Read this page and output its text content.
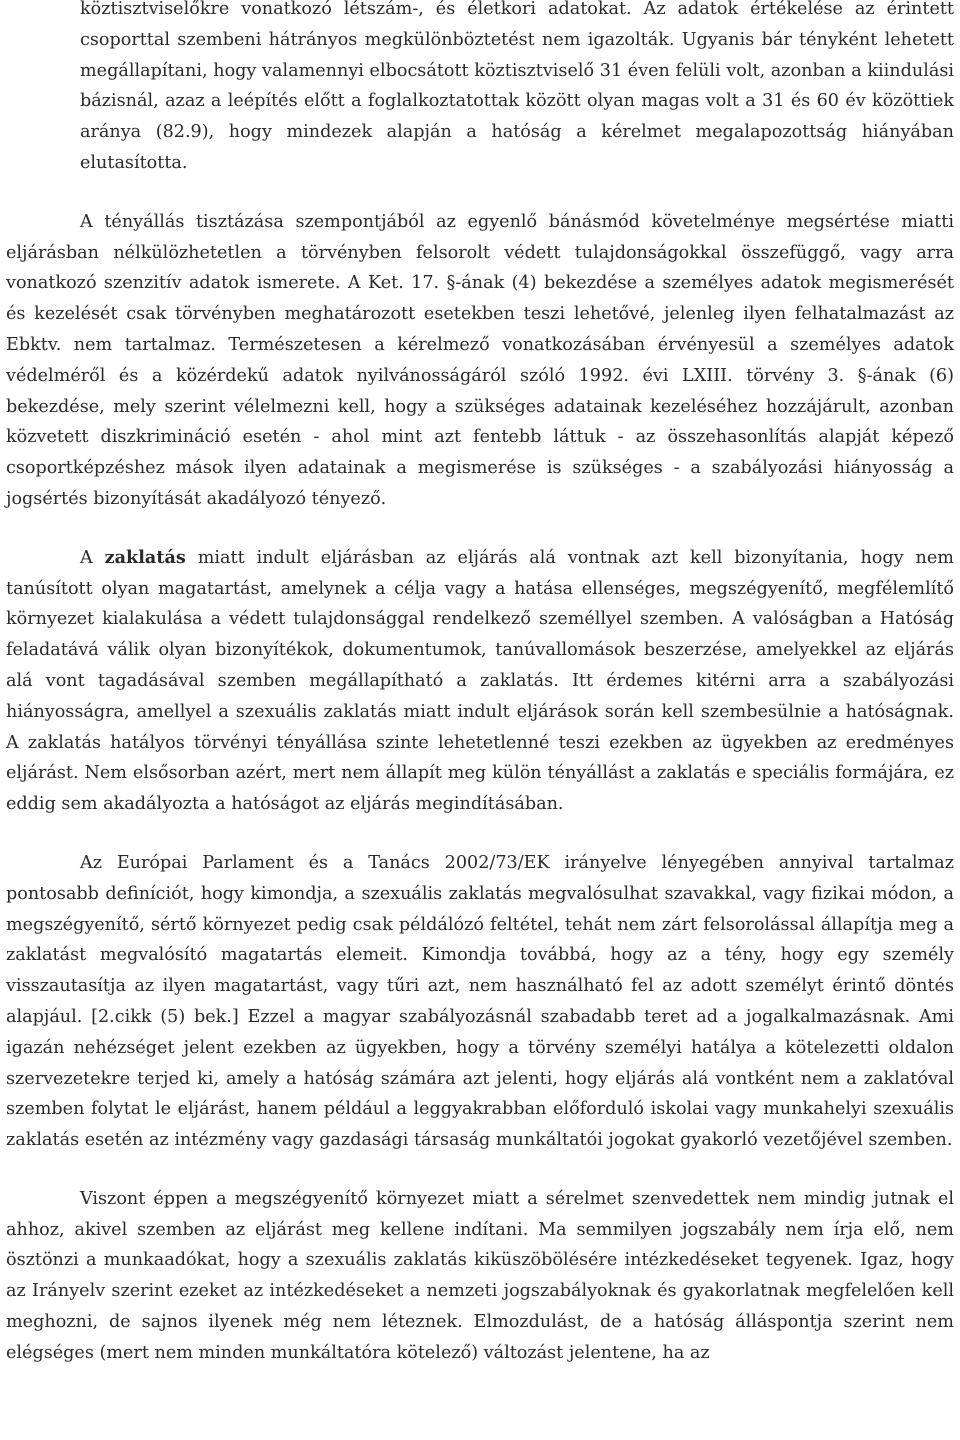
köztisztviselőkre vonatkozó létszám-, és életkori adatokat. Az adatok értékelése az érintett csoporttal szembeni hátrányos megkülönböztetést nem igazolták. Ugyanis bár tényként lehetett megállapítani, hogy valamennyi elbocsátott köztisztviselő 31 éven felüli volt, azonban a kiindulási bázisnál, azaz a leépítés előtt a foglalkoztatottak között olyan magas volt a 31 és 60 év közöttiek aránya (82.9), hogy mindezek alapján a hatóság a kérelmet megalapozottság hiányában elutasította.

A tényállás tisztázása szempontjából az egyenlő bánásmód követelménye megsértése miatti eljárásban nélkülözhetetlen a törvényben felsorolt védett tulajdonságokkal összefüggő, vagy arra vonatkozó szenzitív adatok ismerete. A Ket. 17. §-ának (4) bekezdése a személyes adatok megismerését és kezelését csak törvényben meghatározott esetekben teszi lehetővé, jelenleg ilyen felhatalmazást az Ebktv. nem tartalmaz. Természetesen a kérelmező vonatkozásában érvényesül a személyes adatok védelméről és a közérdekű adatok nyilvánosságáról szóló 1992. évi LXIII. törvény 3. §-ának (6) bekezdése, mely szerint vélelmezni kell, hogy a szükséges adatainak kezeléséhez hozzájárult, azonban közvetett diszkrimináció esetén - ahol mint azt fentebb láttuk - az összehasonlítás alapját képező csoportképzéshez mások ilyen adatainak a megismerése is szükséges - a szabályozási hiányosság a jogsértés bizonyítását akadályozó tényező.

A zaklatás miatt indult eljárásban az eljárás alá vontnak azt kell bizonyítania, hogy nem tanúsított olyan magatartást, amelynek a célja vagy a hatása ellenséges, megszégyenítő, megfélemlítő környezet kialakulása a védett tulajdonsággal rendelkező személlyel szemben. A valóságban a Hatóság feladatává válik olyan bizonyítékok, dokumentumok, tanúvallomások beszerzése, amelyekkel az eljárás alá vont tagadásával szemben megállapítható a zaklatás. Itt érdemes kitérni arra a szabályozási hiányosságra, amellyel a szexuális zaklatás miatt indult eljárások során kell szembesülnie a hatóságnak. A zaklatás hatályos törvényi tényállása szinte lehetetlenné teszi ezekben az ügyekben az eredményes eljárást. Nem elsősorban azért, mert nem állapít meg külön tényállást a zaklatás e speciális formájára, ez eddig sem akadályozta a hatóságot az eljárás megindításában.

Az Európai Parlament és a Tanács 2002/73/EK irányelve lényegében annyival tartalmaz pontosabb definíciót, hogy kimondja, a szexuális zaklatás megvalósulhat szavakkal, vagy fizikai módon, a megszégyenítő, sértő környezet pedig csak példálózó feltétel, tehát nem zárt felsorolással állapítja meg a zaklatást megvalósító magatartás elemeit. Kimondja továbbá, hogy az a tény, hogy egy személy visszautasítja az ilyen magatartást, vagy tűri azt, nem használható fel az adott személyt érintő döntés alapjául. [2.cikk (5) bek.] Ezzel a magyar szabályozásnál szabadabb teret ad a jogalkalmazásnak. Ami igazán nehézséget jelent ezekben az ügyekben, hogy a törvény személyi hatálya a kötelezetti oldalon szervezetekre terjed ki, amely a hatóság számára azt jelenti, hogy eljárás alá vontként nem a zaklatóval szemben folytat le eljárást, hanem például a leggyakrabban előforduló iskolai vagy munkahelyi szexuális zaklatás esetén az intézmény vagy gazdasági társaság munkáltatói jogokat gyakorló vezetőjével szemben.

Viszont éppen a megszégyenítő környezet miatt a sérelmet szenvedettek nem mindig jutnak el ahhoz, akivel szemben az eljárást meg kellene indítani. Ma semmilyen jogszabály nem írja elő, nem ösztönzi a munkaadókat, hogy a szexuális zaklatás kiküszöbölésére intézkedéseket tegyenek. Igaz, hogy az Irányelv szerint ezeket az intézkedéseket a nemzeti jogszabályoknak és gyakorlatnak megfelelően kell meghozni, de sajnos ilyenek még nem léteznek. Elmozdulást, de a hatóság álláspontja szerint nem elégséges (mert nem minden munkáltatóra kötelező) változást jelentene, ha az
